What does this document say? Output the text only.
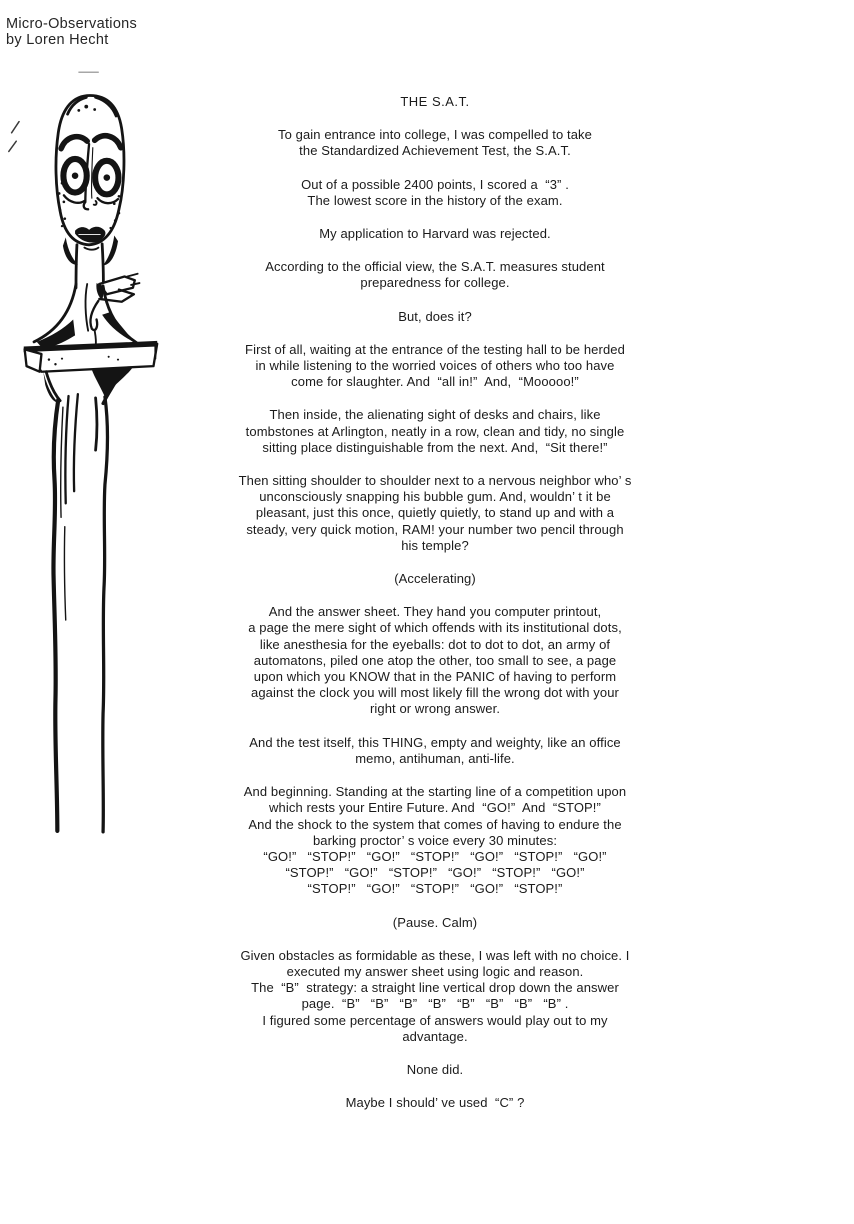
Micro-Observations
by Loren Hecht
THE S.A.T.
To gain entrance into college, I was compelled to take
the Standardized Achievement Test, the S.A.T.
Out of a possible 2400 points, I scored a  “3” .
The lowest score in the history of the exam.
My application to Harvard was rejected.
According to the official view, the S.A.T. measures student
preparedness for college.
But, does it?
First of all, waiting at the entrance of the testing hall to be herded
in while listening to the worried voices of others who too have
come for slaughter. And  “all in!”  And,  “Mooooo!”
Then inside, the alienating sight of desks and chairs, like
tombstones at Arlington, neatly in a row, clean and tidy, no single
sitting place distinguishable from the next. And,  “Sit there!”
Then sitting shoulder to shoulder next to a nervous neighbor who’ s
unconsciously snapping his bubble gum. And, wouldn’ t it be
pleasant, just this once, quietly quietly, to stand up and with a
steady, very quick motion, RAM! your number two pencil through
his temple?
(Accelerating)
And the answer sheet. They hand you computer printout,
a page the mere sight of which offends with its institutional dots,
like anesthesia for the eyeballs: dot to dot to dot, an army of
automatons, piled one atop the other, too small to see, a page
upon which you KNOW that in the PANIC of having to perform
against the clock you will most likely fill the wrong dot with your
right or wrong answer.
And the test itself, this THING, empty and weighty, like an office
memo, antihuman, anti-life.
And beginning. Standing at the starting line of a competition upon
which rests your Entire Future. And  “GO!”  And  “STOP!”
And the shock to the system that comes of having to endure the
barking proctor’ s voice every 30 minutes:
“GO!”   “STOP!”   “GO!”   “STOP!”   “GO!”   “STOP!”   “GO!”
“STOP!”   “GO!”   “STOP!”   “GO!”   “STOP!”   “GO!”
“STOP!”   “GO!”   “STOP!”   “GO!”   “STOP!”
(Pause. Calm)
Given obstacles as formidable as these, I was left with no choice. I
executed my answer sheet using logic and reason.
The  “B”  strategy: a straight line vertical drop down the answer
page.  “B”   “B”   “B”   “B”   “B”   “B”   “B”   “B” .
I figured some percentage of answers would play out to my
advantage.
None did.
Maybe I should’ ve used  “C” ?
